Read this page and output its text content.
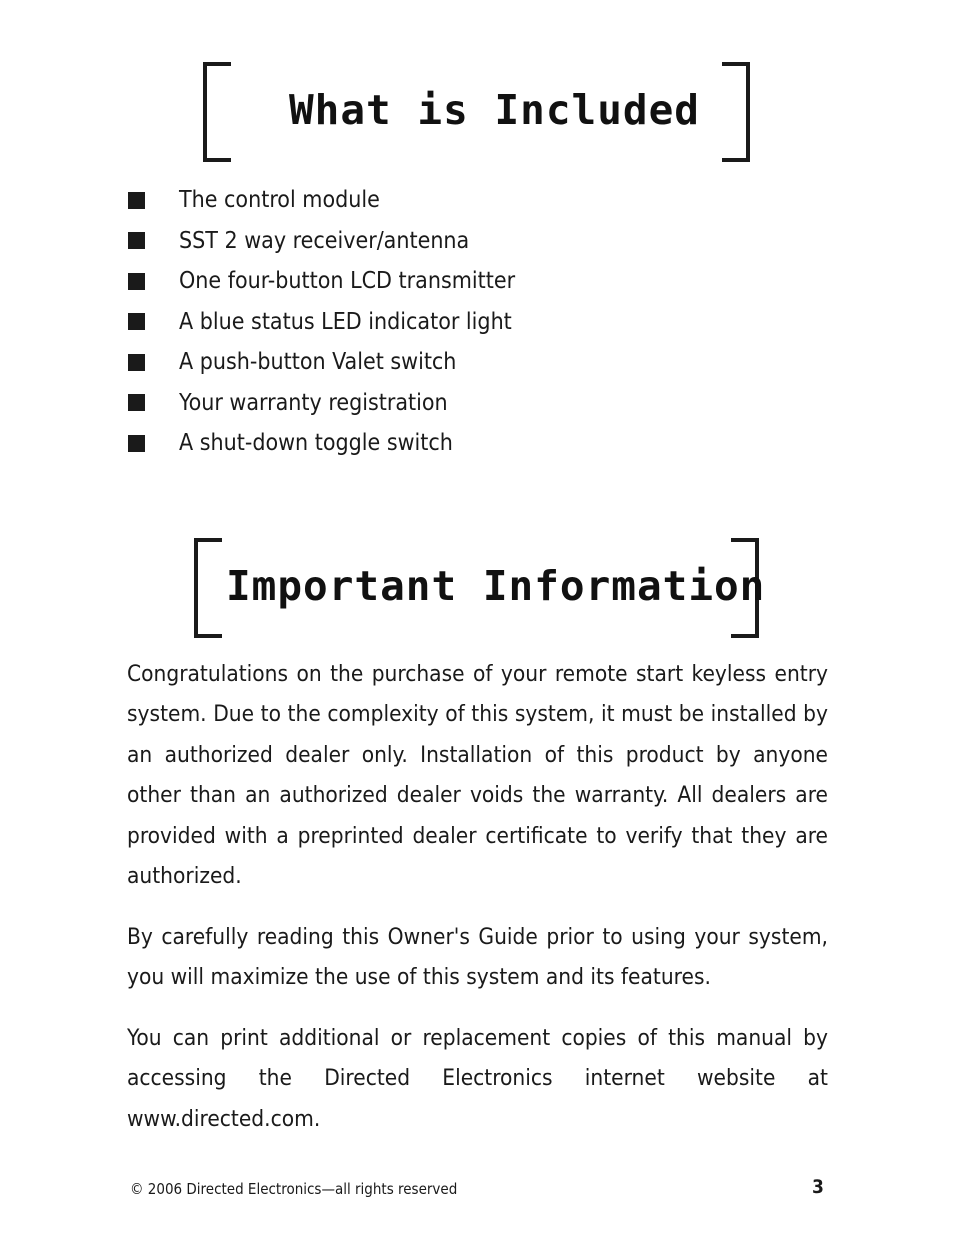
What is Included
The control module
SST 2 way receiver/antenna
One four-button LCD transmitter
A blue status LED indicator light
A push-button Valet switch
Your warranty registration
A shut-down toggle switch
Important Information

Congratulations on the purchase of your remote start keyless entry system. Due to the complexity of this system, it must be installed by an authorized dealer only. Installation of this product by anyone other than an authorized dealer voids the warranty. All dealers are provided with a preprinted dealer certificate to verify that they are authorized.

By carefully reading this Owner's Guide prior to using your system, you will maximize the use of this system and its features.

You can print additional or replacement copies of this manual by accessing the Directed Electronics internet website at www.directed.com.

© 2006 Directed Electronics—all rights reserved	3
